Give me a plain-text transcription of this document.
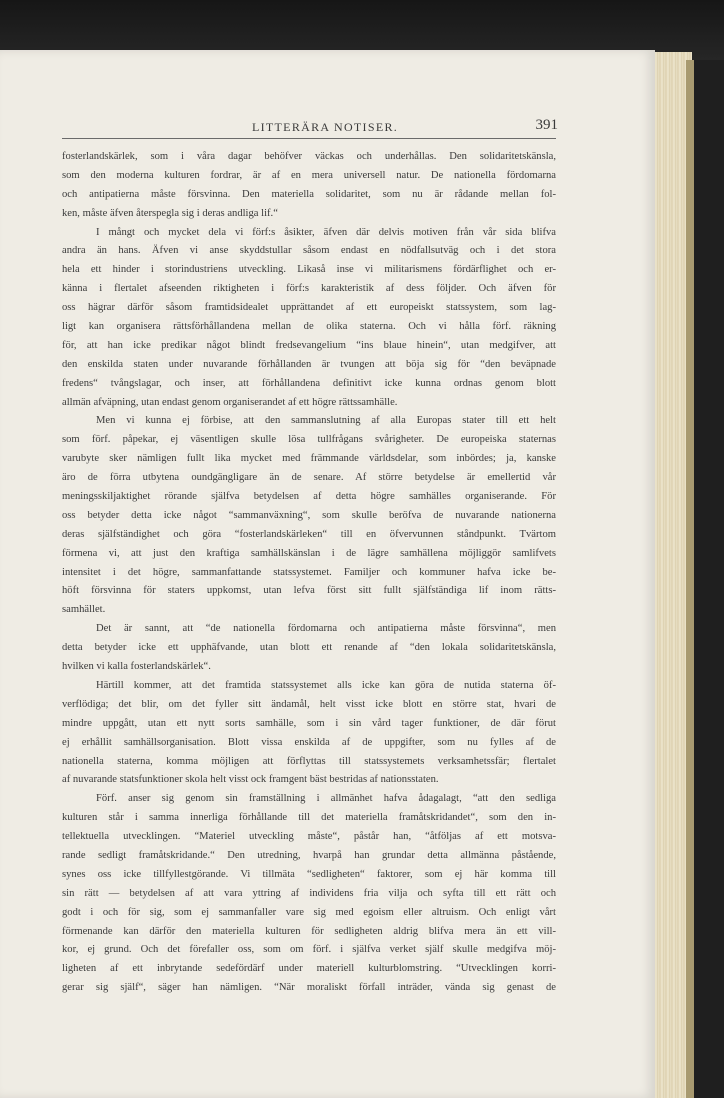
LITTERÄRA NOTISER.	391
fosterlandskärlek, som i våra dagar behöfver väckas och underhållas. Den solidaritetskänsla,
som den moderna kulturen fordrar, är af en mera universell natur. De nationella fördomarna
och antipatierna måste försvinna. Den materiella solidaritet, som nu är rådande mellan fol-
ken, måste äfven återspegla sig i deras andliga lif.“
I mångt och mycket dela vi förf:s åsikter, äfven där delvis motiven från vår sida blifva
andra än hans. Äfven vi anse skyddstullar såsom endast en nödfallsutväg och i det stora
hela ett hinder i storindustriens utveckling. Likaså inse vi militarismens fördärflighet och er-
känna i flertalet afseenden riktigheten i förf:s karakteristik af dess följder. Och äfven för
oss hägrar därför såsom framtidsidealet upprättandet af ett europeiskt statssystem, som lag-
ligt kan organisera rättsförhållandena mellan de olika staterna. Och vi hålla förf. räkning
för, att han icke predikar något blindt fredsevangelium “ins blaue hinein“, utan medgifver, att
den enskilda staten under nuvarande förhållanden är tvungen att böja sig för “den beväpnade
fredens“ tvångslagar, och inser, att förhållandena definitivt icke kunna ordnas genom blott
allmän afväpning, utan endast genom organiserandet af ett högre rättssamhälle.
Men vi kunna ej förbise, att den sammanslutning af alla Europas stater till ett helt
som förf. påpekar, ej väsentligen skulle lösa tullfrågans svårigheter. De europeiska staternas
varubyte sker nämligen fullt lika mycket med främmande världsdelar, som inbördes; ja, kanske
äro de förra utbytena oundgängligare än de senare. Af större betydelse är emellertid vår
meningsskiljaktighet rörande själfva betydelsen af detta högre samhälles organiserande. För
oss betyder detta icke något “sammanväxning“, som skulle beröfva de nuvarande nationerna
deras själfständighet och göra “fosterlandskärleken“ till en öfvervunnen ståndpunkt. Tvärtom
förmena vi, att just den kraftiga samhällskänslan i de lägre samhällena möjliggör samlifvets
intensitet i det högre, sammanfattande statssystemet. Familjer och kommuner hafva icke be-
höft försvinna för staters uppkomst, utan lefva först sitt fullt själfständiga lif inom rätts-
samhället.
Det är sannt, att “de nationella fördomarna och antipatierna måste försvinna“, men
detta betyder icke ett upphäfvande, utan blott ett renande af “den lokala solidaritetskänsla,
hvilken vi kalla fosterlandskärlek“.
Härtill kommer, att det framtida statssystemet alls icke kan göra de nutida staterna öf-
verflödiga; det blir, om det fyller sitt ändamål, helt visst icke blott en större stat, hvari de
mindre uppgått, utan ett nytt sorts samhälle, som i sin vård tager funktioner, de där förut
ej erhållit samhällsorganisation. Blott vissa enskilda af de uppgifter, som nu fylles af de
nationella staterna, komma möjligen att förflyttas till statssystemets verksamhetssfär; flertalet
af nuvarande statsfunktioner skola helt visst ock framgent bäst bestridas af nationsstaten.
Förf. anser sig genom sin framställning i allmänhet hafva ådagalagt, “att den sedliga
kulturen står i samma innerliga förhållande till det materiella framåtskridandet“, som den in-
tellektuella utvecklingen. “Materiel utveckling måste“, påstår han, “åtföljas af ett motsva-
rande sedligt framåtskridande.“ Den utredning, hvarpå han grundar detta allmänna påstående,
synes oss icke tillfyllestgörande. Vi tillmäta “sedligheten“ faktorer, som ej här komma till
sin rätt — betydelsen af att vara yttring af individens fria vilja och syfta till ett rätt och
godt i och för sig, som ej sammanfaller vare sig med egoism eller altruism. Och enligt vårt
förmenande kan därför den materiella kulturen för sedligheten aldrig blifva mera än ett vill-
kor, ej grund. Och det förefaller oss, som om förf. i själfva verket själf skulle medgifva möj-
ligheten af ett inbrytande sedefördärf under materiell kulturblomstring. “Utvecklingen korri-
gerar sig själf“, säger han nämligen. “När moraliskt förfall inträder, vända sig genast de
